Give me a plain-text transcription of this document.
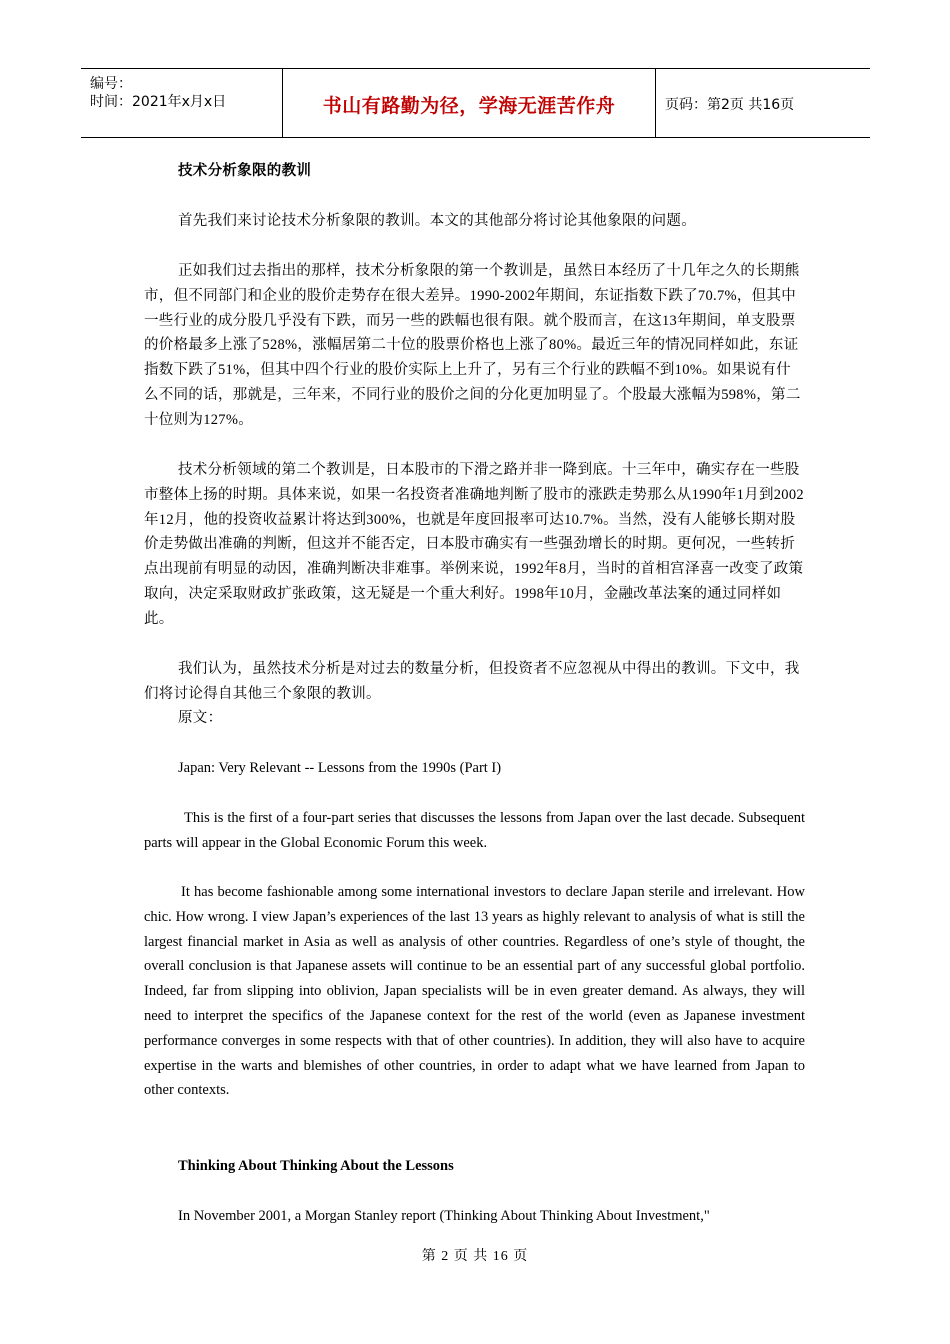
编号：
时间：2021年x月x日	书山有路勤为径，学海无涯苦作舟	页码：第2页 共16页

技术分析象限的教训

首先我们来讨论技术分析象限的教训。本文的其他部分将讨论其他象限的问题。

正如我们过去指出的那样，技术分析象限的第一个教训是，虽然日本经历了十几年之久的长期熊市，但不同部门和企业的股价走势存在很大差异。1990-2002年期间，东证指数下跌了70.7%，但其中一些行业的成分股几乎没有下跌，而另一些的跌幅也很有限。就个股而言，在这13年期间，单支股票的价格最多上涨了528%，涨幅居第二十位的股票价格也上涨了80%。最近三年的情况同样如此，东证指数下跌了51%，但其中四个行业的股价实际上上升了，另有三个行业的跌幅不到10%。如果说有什么不同的话，那就是，三年来，不同行业的股价之间的分化更加明显了。个股最大涨幅为598%，第二十位则为127%。

技术分析领域的第二个教训是，日本股市的下滑之路并非一降到底。十三年中，确实存在一些股市整体上扬的时期。具体来说，如果一名投资者准确地判断了股市的涨跌走势那么从1990年1月到2002年12月，他的投资收益累计将达到300%，也就是年度回报率可达10.7%。当然，没有人能够长期对股价走势做出准确的判断，但这并不能否定，日本股市确实有一些强劲增长的时期。更何况，一些转折点出现前有明显的动因，准确判断决非难事。举例来说，1992年8月，当时的首相宫泽喜一改变了政策取向，决定采取财政扩张政策，这无疑是一个重大利好。1998年10月，金融改革法案的通过同样如此。

我们认为，虽然技术分析是对过去的数量分析，但投资者不应忽视从中得出的教训。下文中，我们将讨论得自其他三个象限的教训。

原文：

Japan: Very Relevant -- Lessons from the 1990s (Part I)

This is the first of a four-part series that discusses the lessons from Japan over the last decade. Subsequent parts will appear in the Global Economic Forum this week.

It has become fashionable among some international investors to declare Japan sterile and irrelevant. How chic. How wrong. I view Japan’s experiences of the last 13 years as highly relevant to analysis of what is still the largest financial market in Asia as well as analysis of other countries. Regardless of one’s style of thought, the overall conclusion is that Japanese assets will continue to be an essential part of any successful global portfolio. Indeed, far from slipping into oblivion, Japan specialists will be in even greater demand. As always, they will need to interpret the specifics of the Japanese context for the rest of the world (even as Japanese investment performance converges in some respects with that of other countries). In addition, they will also have to acquire expertise in the warts and blemishes of other countries, in order to adapt what we have learned from Japan to other contexts.

Thinking About Thinking About the Lessons

In November 2001, a Morgan Stanley report (Thinking About Thinking About Investment,"

第 2 页 共 16 页
